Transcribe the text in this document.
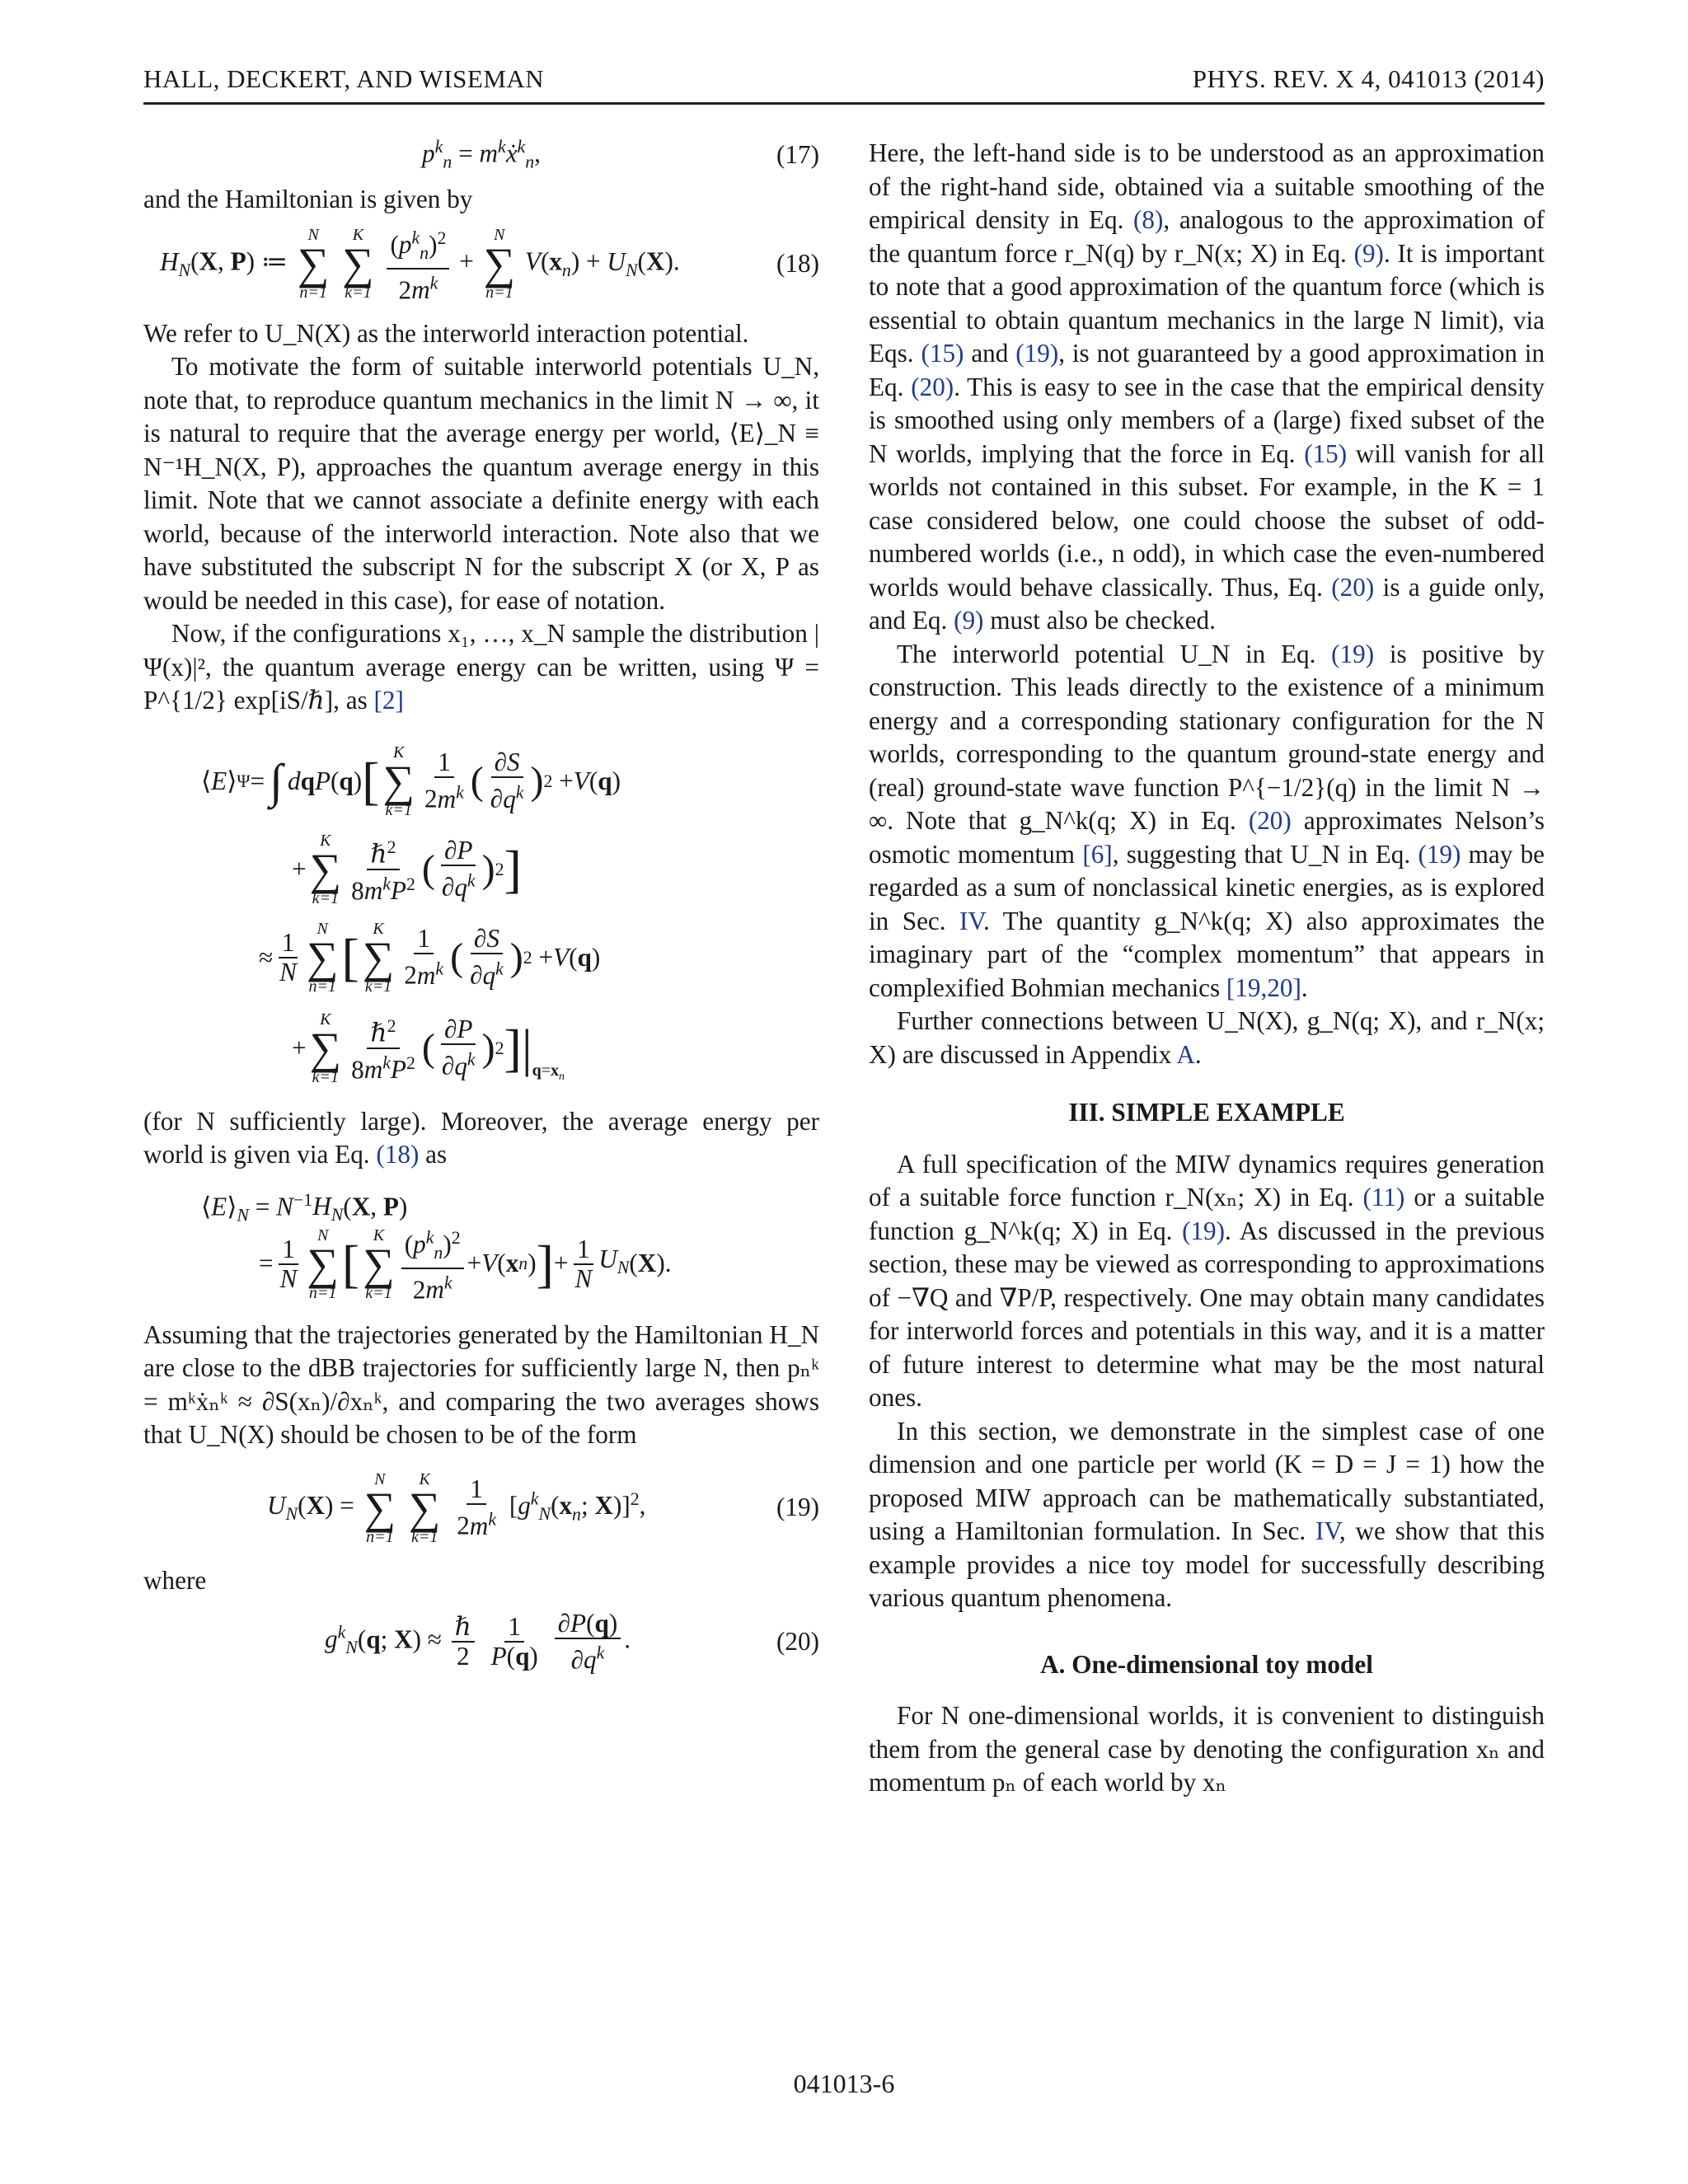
HALL, DECKERT, AND WISEMAN	PHYS. REV. X 4, 041013 (2014)
$p^k_n$ = $m^kẋ^k_n$,	(17)

and the Hamiltonian is given by

$H_N(X$, P) ≔
N
∑
n=1

K
∑
k=1
$\frac{(p^k_n)^2}{2m^k}$ +
N
∑
n=1
$V(x_n) + U_N(X)$.	(18)

We refer to U_N(X) as the interworld interaction potential.

To motivate the form of suitable interworld potentials U_N, note that, to reproduce quantum mechanics in the limit N → ∞, it is natural to require that the average energy per world, ⟨E⟩_N ≡ N⁻¹H_N(X, P), approaches the quantum average energy in this limit. Note that we cannot associate a definite energy with each world, because of the interworld interaction. Note also that we have substituted the subscript N for the subscript X (or X, P as would be needed in this case), for ease of notation.

Now, if the configurations x₁, …, x_N sample the distribution |Ψ(x)|², the quantum average energy can be written, using Ψ = P^{1/2} exp[iS/ℏ], as [2]

⟨ E ⟩ Ψ = ∫ d q P ( q ) [ K
∑
$k=1 \frac{1}{2m^k}$ ( $\frac{\partial S}{\partial q^k}$ ) 2 + V ( q )
+
K
∑
$k=1 \frac{\hbar^2}{8m^kP^2}$ ( $\frac{\partial P}{\partial q^k}$ ) 2 ]
≈ $\frac{1}{N}$ N
∑
n=1 [ K
∑
$k=1 \frac{1}{2m^k}$ ( $\frac{\partial S}{\partial q^k}$ ) 2 + V ( q )
+
K
∑
$k=1 \frac{\hbar^2}{8m^kP^2}$ ( $\frac{\partial P}{\partial q^k}$ ) 2 ]| $q=x_n$

(for N sufficiently large). Moreover, the average energy per world is given via Eq. (18) as

$⟨E⟩_N = N^{-1}H_N(X$, P)
= $\frac{1}{N}$ N
∑
n=1 [ K
∑
$k=1 \frac{(p^k_n)^2}{2m^k} + V$ ( x n ) ] + $\frac{1}{N} U_N$ ( X ).

Assuming that the trajectories generated by the Hamiltonian H_N are close to the dBB trajectories for sufficiently large N, then pₙᵏ = mᵏẋₙᵏ ≈ ∂S(xₙ)/∂xₙᵏ, and comparing the two averages shows that U_N(X) should be chosen to be of the form

$U_N(X)$ =
N
∑
n=1

K
∑
k=1
$\frac{1}{2m^k} [g^k_N(x_n$; X)]$^2$,	(19)

where

$g^k_N(q$; $X) \approx \frac{\text{ℏ}}{2}$
$\frac{1}{P(q)}$
$\frac{\partial P(q)}{\partial q^k}$ .	(20)

Here, the left-hand side is to be understood as an approximation of the right-hand side, obtained via a suitable smoothing of the empirical density in Eq. (8), analogous to the approximation of the quantum force r_N(q) by r_N(x; X) in Eq. (9). It is important to note that a good approximation of the quantum force (which is essential to obtain quantum mechanics in the large N limit), via Eqs. (15) and (19), is not guaranteed by a good approximation in Eq. (20). This is easy to see in the case that the empirical density is smoothed using only members of a (large) fixed subset of the N worlds, implying that the force in Eq. (15) will vanish for all worlds not contained in this subset. For example, in the K = 1 case considered below, one could choose the subset of odd-numbered worlds (i.e., n odd), in which case the even-numbered worlds would behave classically. Thus, Eq. (20) is a guide only, and Eq. (9) must also be checked.

The interworld potential U_N in Eq. (19) is positive by construction. This leads directly to the existence of a minimum energy and a corresponding stationary configuration for the N worlds, corresponding to the quantum ground-state energy and (real) ground-state wave function P^{−1/2}(q) in the limit N → ∞. Note that g_N^k(q; X) in Eq. (20) approximates Nelson’s osmotic momentum [6], suggesting that U_N in Eq. (19) may be regarded as a sum of nonclassical kinetic energies, as is explored in Sec. IV. The quantity g_N^k(q; X) also approximates the imaginary part of the “complex momentum” that appears in complexified Bohmian mechanics [19,20].

Further connections between U_N(X), g_N(q; X), and r_N(x; X) are discussed in Appendix A.

III. SIMPLE EXAMPLE

A full specification of the MIW dynamics requires generation of a suitable force function r_N(xₙ; X) in Eq. (11) or a suitable function g_N^k(q; X) in Eq. (19). As discussed in the previous section, these may be viewed as corresponding to approximations of −∇Q and ∇P/P, respectively. One may obtain many candidates for interworld forces and potentials in this way, and it is a matter of future interest to determine what may be the most natural ones.

In this section, we demonstrate in the simplest case of one dimension and one particle per world (K = D = J = 1) how the proposed MIW approach can be mathematically substantiated, using a Hamiltonian formulation. In Sec. IV, we show that this example provides a nice toy model for successfully describing various quantum phenomena.

A. One-dimensional toy model

For N one-dimensional worlds, it is convenient to distinguish them from the general case by denoting the configuration xₙ and momentum pₙ of each world by xₙ

041013-6
